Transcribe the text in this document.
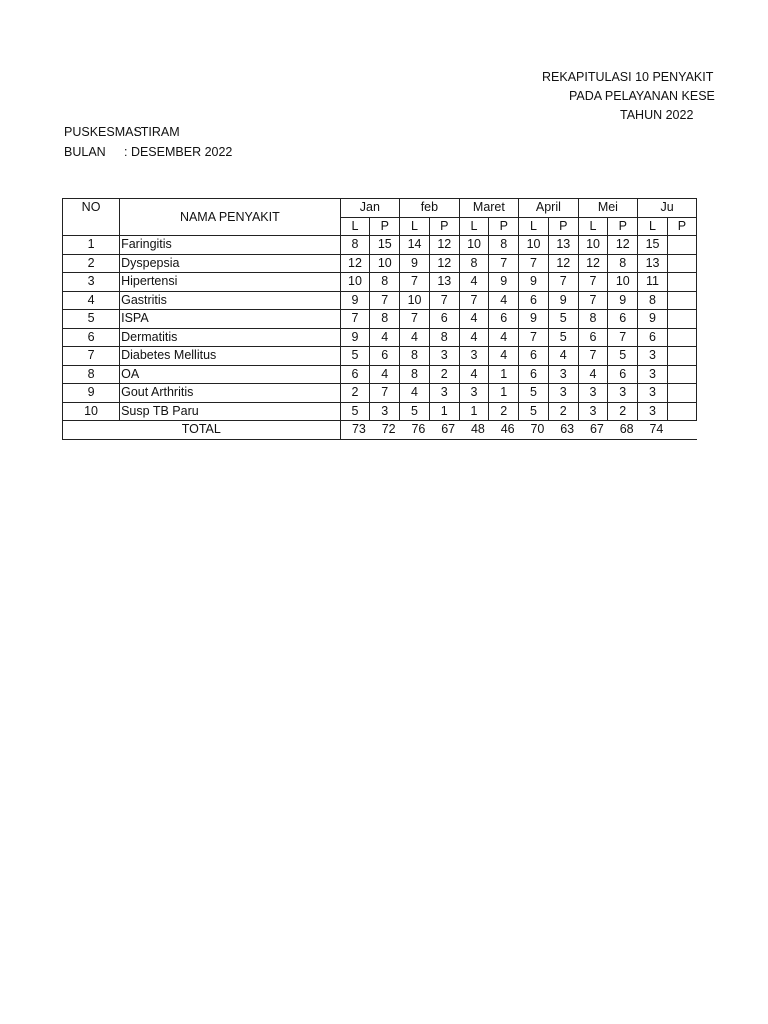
REKAPITULASI 10 PENYAKIT
PADA PELAYANAN KESE
TAHUN 2022
PUSKESMAS: TIRAM
BULAN : DESEMBER 2022
NO	NAMA PENYAKIT	Jan		feb		Maret		April		Mei		Ju	
		L	P	L	P	L	P	L	P	L	P	L	P
1	Faringitis	8	15	14	12	10	8	10	13	10	12	15	
2	Dyspepsia	12	10	9	12	8	7	7	12	12	8	13	
3	Hipertensi	10	8	7	13	4	9	9	7	7	10	11	
4	Gastritis	9	7	10	7	7	4	6	9	7	9	8	
5	ISPA	7	8	7	6	4	6	9	5	8	6	9	
6	Dermatitis	9	4	4	8	4	4	7	5	6	7	6	
7	Diabetes Mellitus	5	6	8	3	3	4	6	4	7	5	3	
8	OA	6	4	8	2	4	1	6	3	4	6	3	
9	Gout Arthritis	2	7	4	3	3	1	5	3	3	3	3	
10	Susp TB Paru	5	3	5	1	1	2	5	2	3	2	3	
TOTAL		73	72	76	67	48	46	70	63	67	68	74	
